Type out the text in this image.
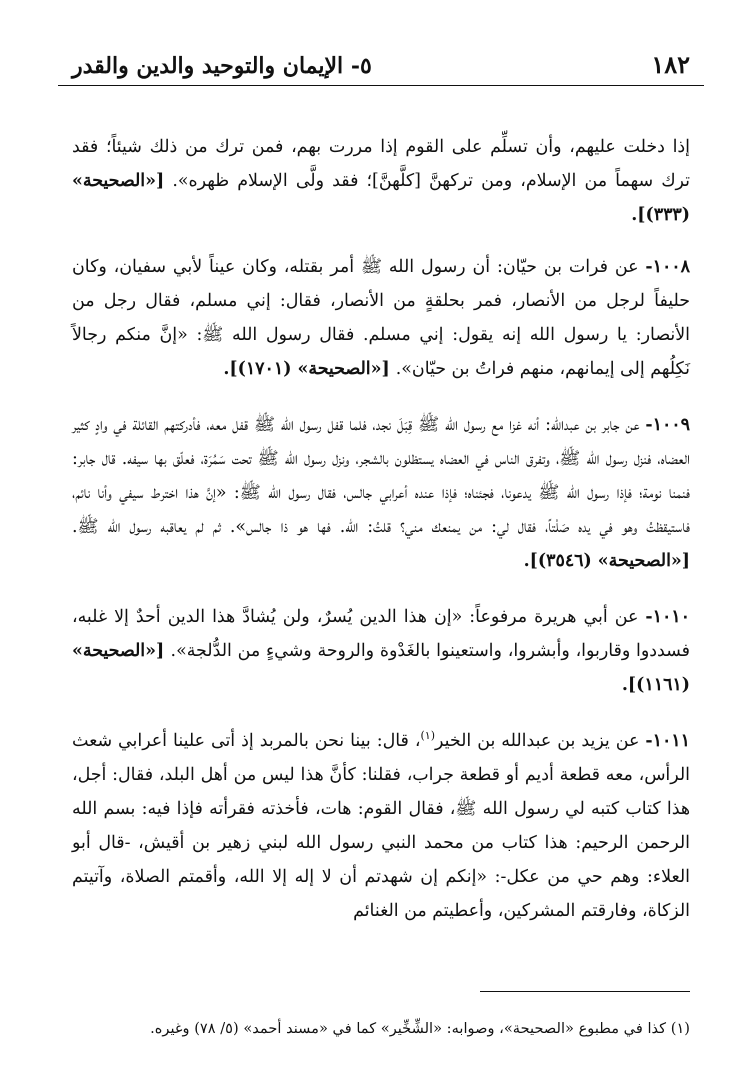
١٨٢
٥- الإيمان والتوحيد والدين والقدر

إذا دخلت عليهم، وأن تسلِّم على القوم إذا مررت بهم، فمن ترك من ذلك شيئاً؛ فقد ترك سهماً من الإسلام، ومن تركهنَّ [كلَّهنَّ]؛ فقد ولَّى الإسلام ظهره». [«الصحيحة» (٣٣٣)].

١٠٠٨- عن فرات بن حيّان: أن رسول الله ﷺ أمر بقتله، وكان عيناً لأبي سفيان، وكان حليفاً لرجل من الأنصار، فمر بحلقةٍ من الأنصار، فقال: إني مسلم، فقال رجل من الأنصار: يا رسول الله إنه يقول: إني مسلم. فقال رسول الله ﷺ: «إنَّ منكم رجالاً نَكِلُهم إلى إيمانهم، منهم فراتُ بن حيّان». [«الصحيحة» (١٧٠١)].

١٠٠٩- عن جابر بن عبدالله: أنه غزا مع رسول الله ﷺ قِبَلَ نجد، فلما قفل رسول الله ﷺ قفل معه، فأدركتهم القائلة في وادٍ كثير العضاه، فنزل رسول الله ﷺ، وتفرق الناس في العضاه يستظلون بالشجر، ونزل رسول الله ﷺ تحت سَمُرَة، فعلّق بها سيفه. قال جابر: فنمنا نومة؛ فإذا رسول الله ﷺ يدعونا، فجئناه؛ فإذا عنده أعرابي جالس، فقال رسول الله ﷺ: «إنَّ هذا اخترط سيفي وأنا نائم، فاستيقظتُ وهو في يده صَلْتاً، فقال لي: من يمنعك مني؟ قلتُ: الله. فها هو ذا جالس». ثم لم يعاقبه رسول الله ﷺ. [«الصحيحة» (٣٥٤٦)].

١٠١٠- عن أبي هريرة مرفوعاً: «إن هذا الدين يُسرٌ، ولن يُشادَّ هذا الدين أحدٌ إلا غلبه، فسددوا وقاربوا، وأبشروا، واستعينوا بالغَدْوة والروحة وشيءٍ من الدُّلجة». [«الصحيحة» (١١٦١)].

١٠١١- عن يزيد بن عبدالله بن الخير$^{(١)}$، قال: بينا نحن بالمربد إذ أتى علينا أعرابي شعث الرأس، معه قطعة أديم أو قطعة جراب، فقلنا: كأنَّ هذا ليس من أهل البلد، فقال: أجل، هذا كتاب كتبه لي رسول الله ﷺ، فقال القوم: هات، فأخذته فقرأته فإذا فيه: بسم الله الرحمن الرحيم: هذا كتاب من محمد النبي رسول الله لبني زهير بن أقيش، -قال أبو العلاء: وهم حي من عكل-: «إنكم إن شهدتم أن لا إله إلا الله، وأقمتم الصلاة، وآتيتم الزكاة، وفارقتم المشركين، وأعطيتم من الغنائم

(١) كذا في مطبوع «الصحيحة»، وصوابه: «الشِّخِّير» كما في «مسند أحمد» (٥/ ٧٨) وغيره.
